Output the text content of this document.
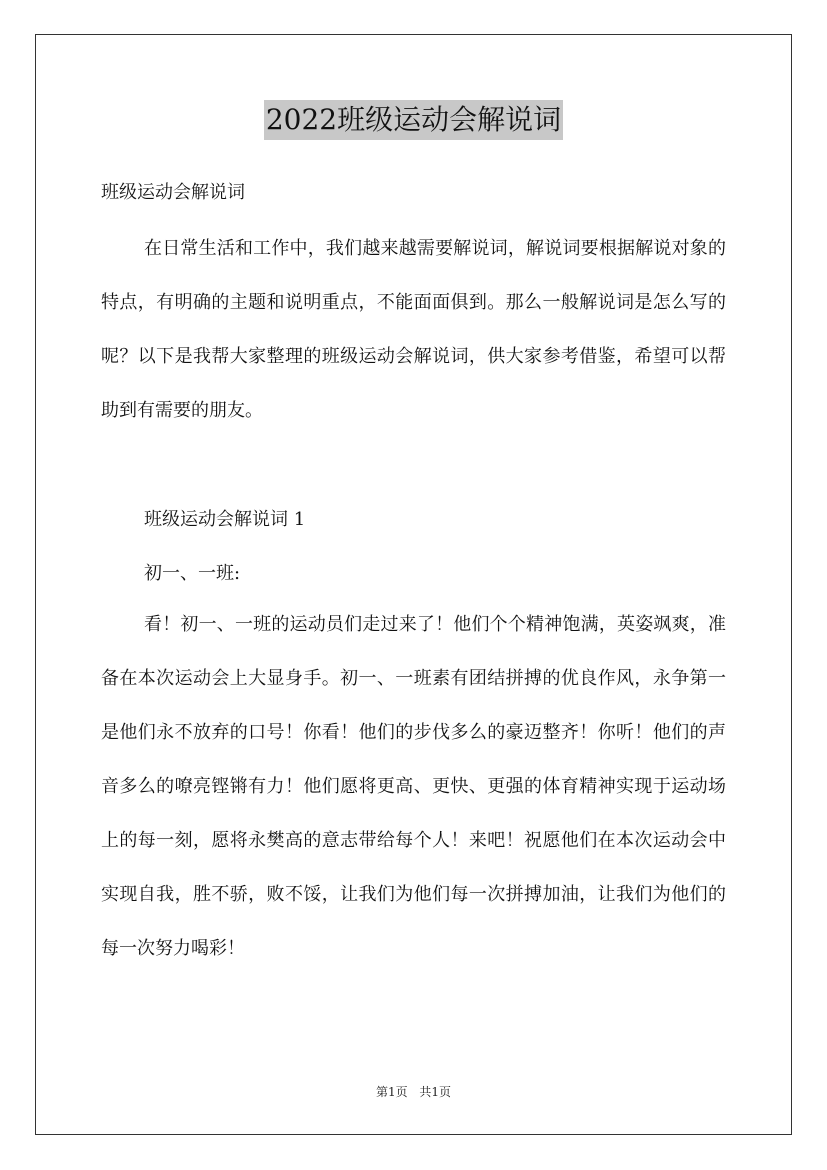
2022班级运动会解说词
班级运动会解说词

在日常生活和工作中，我们越来越需要解说词，解说词要根据解说对象的特点，有明确的主题和说明重点，不能面面俱到。那么一般解说词是怎么写的呢？以下是我帮大家整理的班级运动会解说词，供大家参考借鉴，希望可以帮助到有需要的朋友。

班级运动会解说词 1
初一、一班:

看！初一、一班的运动员们走过来了！他们个个精神饱满，英姿飒爽，准备在本次运动会上大显身手。初一、一班素有团结拼搏的优良作风，永争第一是他们永不放弃的口号！你看！他们的步伐多么的豪迈整齐！你听！他们的声音多么的嘹亮铿锵有力！他们愿将更高、更快、更强的体育精神实现于运动场上的每一刻，愿将永樊高的意志带给每个人！来吧！祝愿他们在本次运动会中实现自我，胜不骄，败不馁，让我们为他们每一次拼搏加油，让我们为他们的每一次努力喝彩！

第1页 共1页
